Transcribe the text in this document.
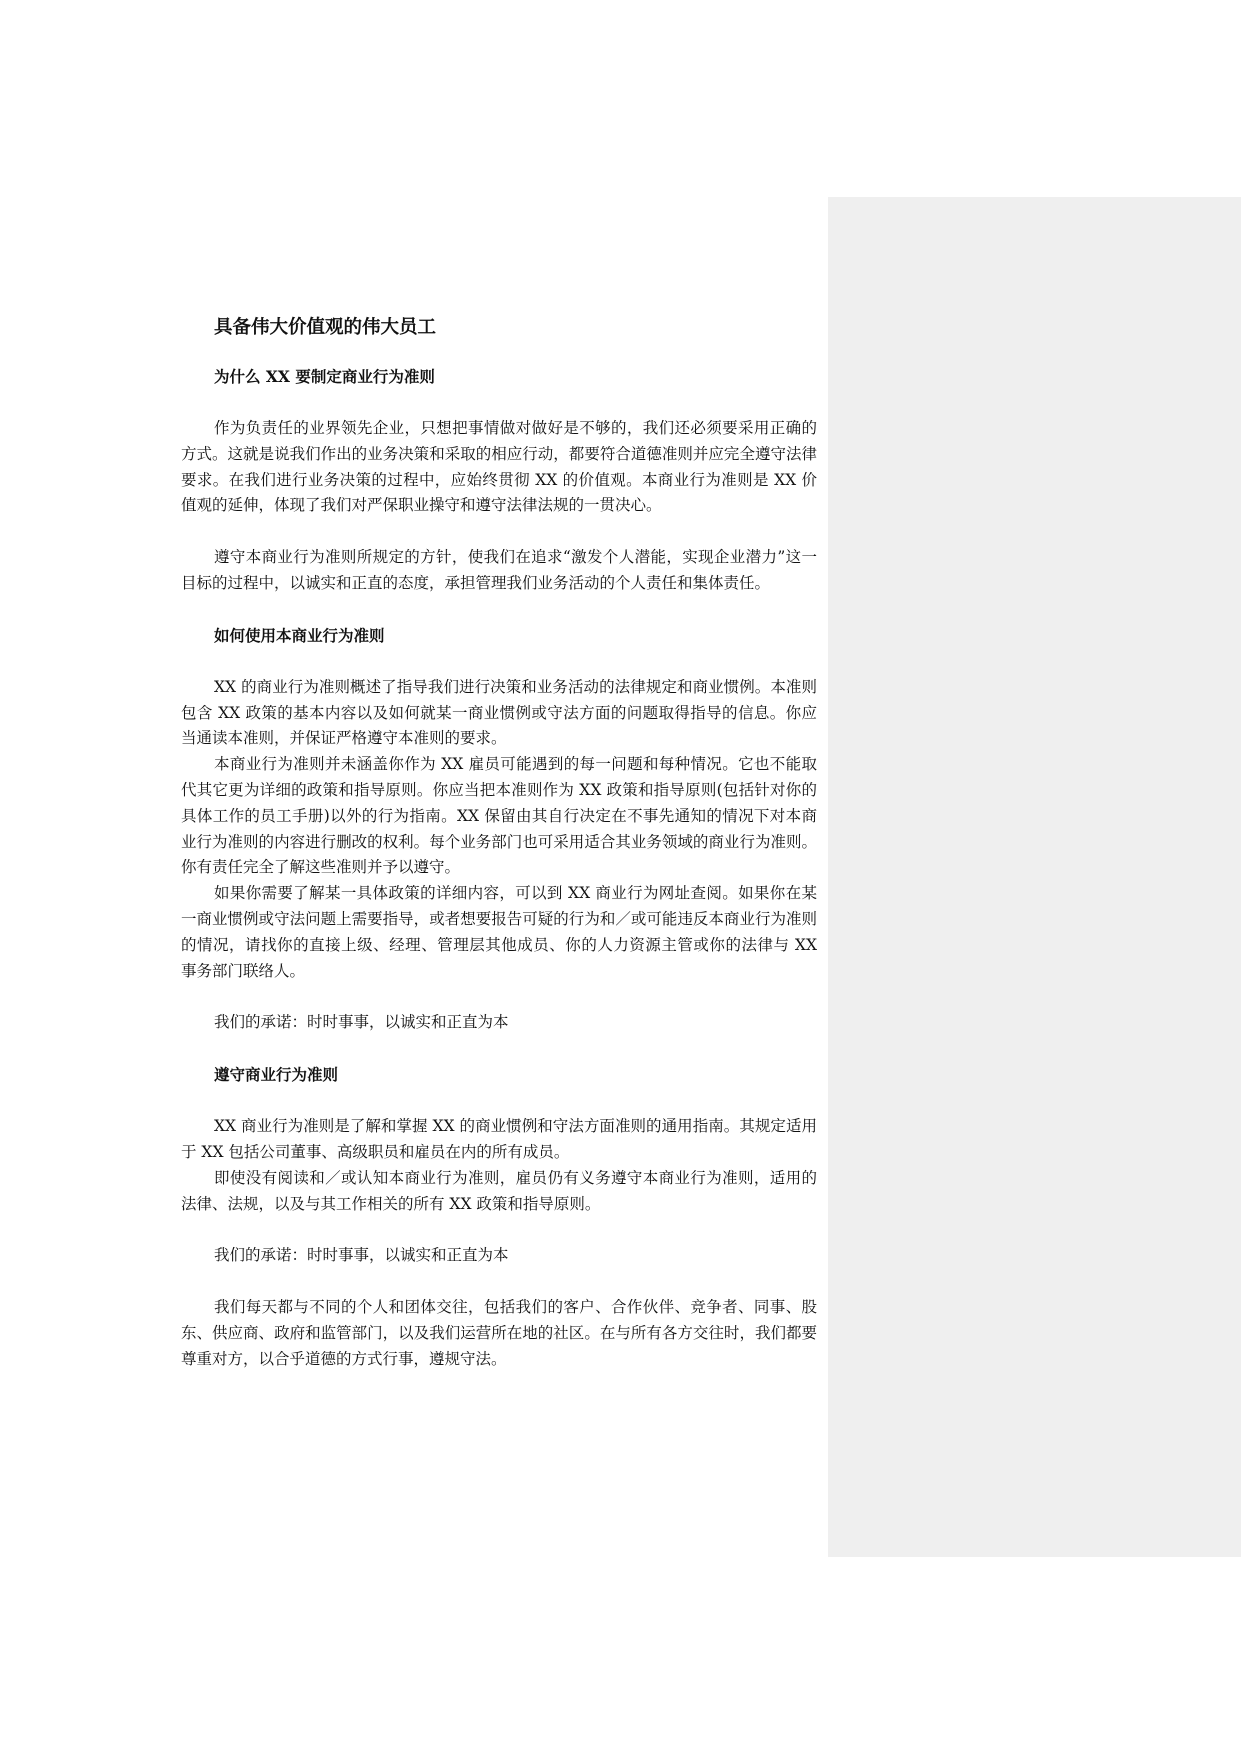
具备伟大价值观的伟大员工
为什么 XX 要制定商业行为准则

作为负责任的业界领先企业，只想把事情做对做好是不够的，我们还必须要采用正确的方式。这就是说我们作出的业务决策和采取的相应行动，都要符合道德准则并应完全遵守法律要求。在我们进行业务决策的过程中，应始终贯彻 XX 的价值观。本商业行为准则是 XX 价值观的延伸，体现了我们对严保职业操守和遵守法律法规的一贯决心。

遵守本商业行为准则所规定的方针，使我们在追求“激发个人潜能，实现企业潜力”这一目标的过程中，以诚实和正直的态度，承担管理我们业务活动的个人责任和集体责任。

如何使用本商业行为准则

XX 的商业行为准则概述了指导我们进行决策和业务活动的法律规定和商业惯例。本准则包含 XX 政策的基本内容以及如何就某一商业惯例或守法方面的问题取得指导的信息。你应当通读本准则，并保证严格遵守本准则的要求。

本商业行为准则并未涵盖你作为 XX 雇员可能遇到的每一问题和每种情况。它也不能取代其它更为详细的政策和指导原则。你应当把本准则作为 XX 政策和指导原则(包括针对你的具体工作的员工手册)以外的行为指南。XX 保留由其自行决定在不事先通知的情况下对本商业行为准则的内容进行删改的权利。每个业务部门也可采用适合其业务领域的商业行为准则。你有责任完全了解这些准则并予以遵守。

如果你需要了解某一具体政策的详细内容，可以到 XX 商业行为网址查阅。如果你在某一商业惯例或守法问题上需要指导，或者想要报告可疑的行为和／或可能违反本商业行为准则的情况，请找你的直接上级、经理、管理层其他成员、你的人力资源主管或你的法律与 XX 事务部门联络人。

我们的承诺：时时事事，以诚实和正直为本

遵守商业行为准则

XX 商业行为准则是了解和掌握 XX 的商业惯例和守法方面准则的通用指南。其规定适用于 XX 包括公司董事、高级职员和雇员在内的所有成员。

即使没有阅读和／或认知本商业行为准则，雇员仍有义务遵守本商业行为准则，适用的法律、法规，以及与其工作相关的所有 XX 政策和指导原则。

我们的承诺：时时事事，以诚实和正直为本

我们每天都与不同的个人和团体交往，包括我们的客户、合作伙伴、竞争者、同事、股东、供应商、政府和监管部门，以及我们运营所在地的社区。在与所有各方交往时，我们都要尊重对方，以合乎道德的方式行事，遵规守法。
